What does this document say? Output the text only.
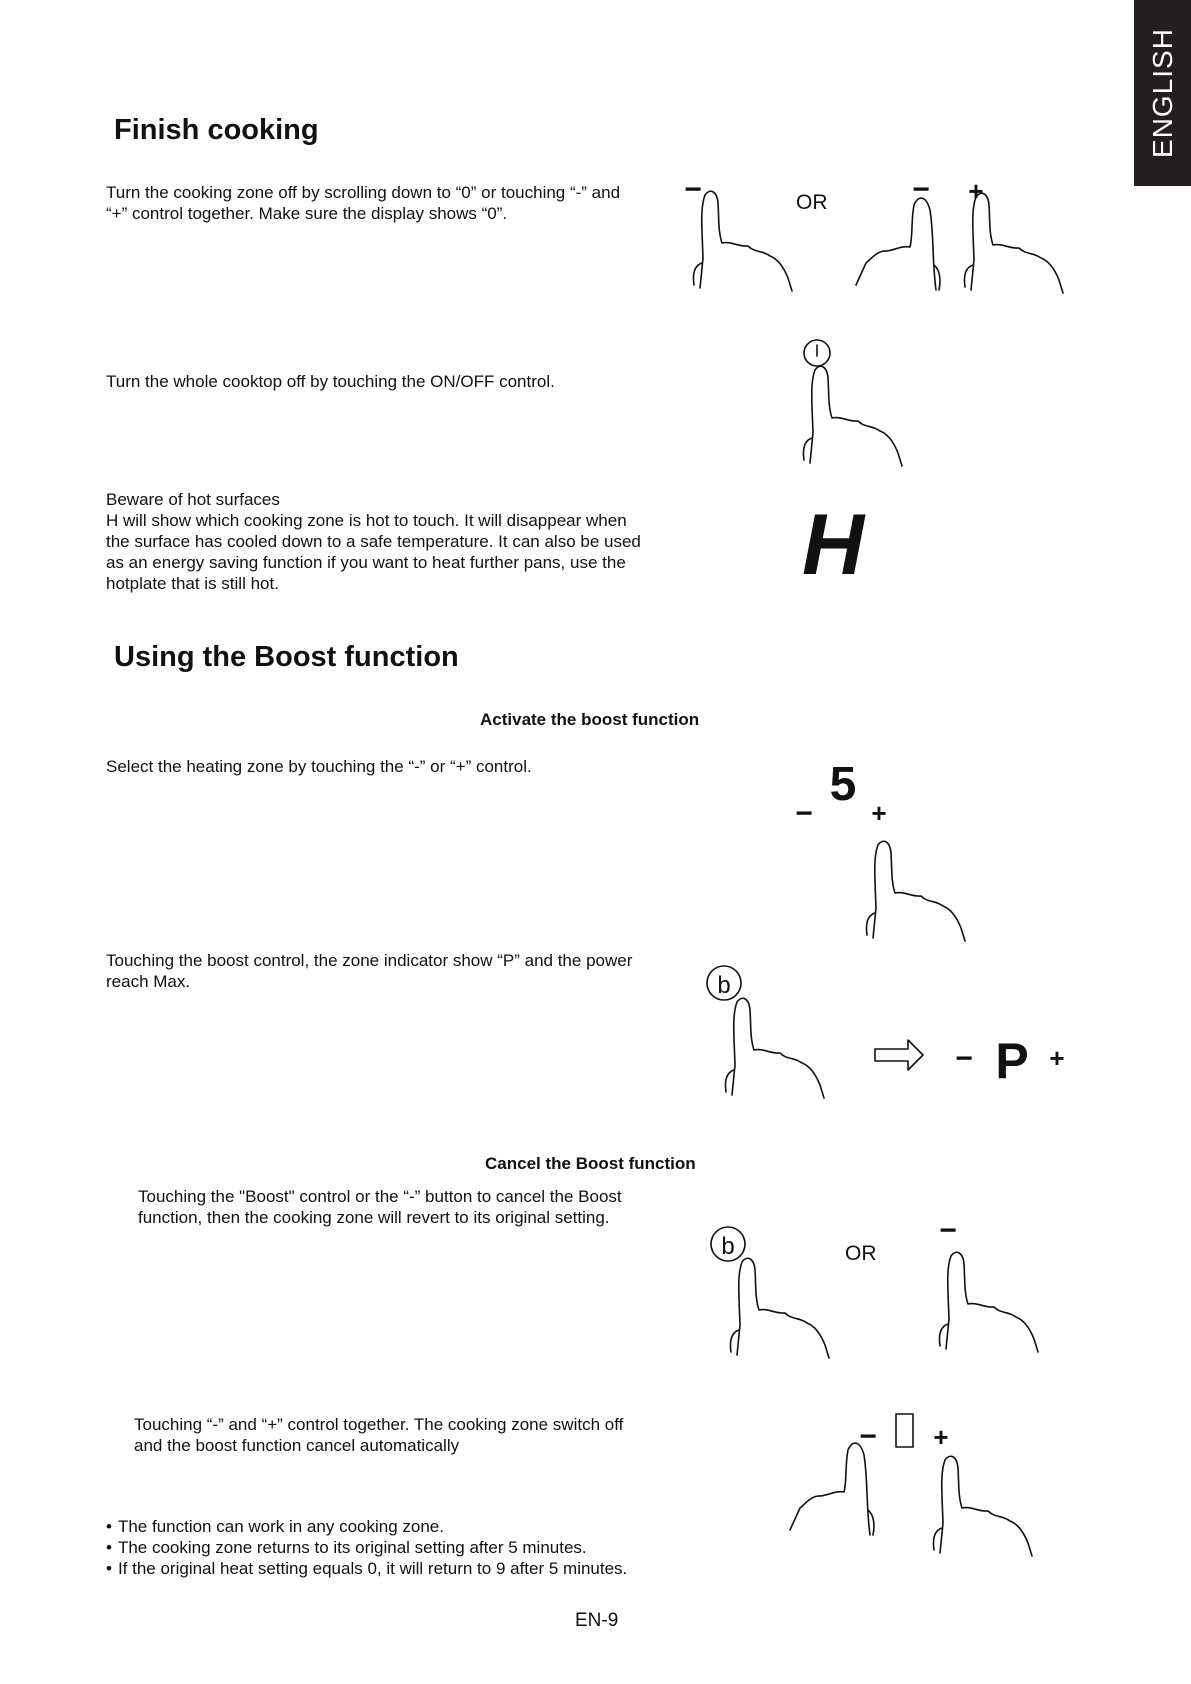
ENGLISH
Finish cooking
Turn the cooking zone off by scrolling down to “0” or touching “-” and
“+” control together. Make sure the display shows “0”.
Turn the whole cooktop off by touching the ON/OFF control.
Beware of hot surfaces
H will show which cooking zone is hot to touch. It will disappear when
the surface has cooled down to a safe temperature. It can also be used
as an energy saving function if you want to heat further pans, use the
hotplate that is still hot.
Using the Boost function
Activate the boost function
Select the heating zone by touching the “-” or “+” control.
Touching the boost control, the zone indicator show “P” and the power
reach Max.
Cancel the Boost function
Touching the "Boost" control or the “-” button to cancel the Boost
function, then the cooking zone will revert to its original setting.
Touching “-” and “+” control together. The cooking zone switch off
and the boost function cancel automatically
• The function can work in any cooking zone.
• The cooking zone returns to its original setting after 5 minutes.
• If the original heat setting equals 0, it will return to 9 after 5 minutes.
EN-9
−	OR	− +
H
−
5
+
b
− P +
b	OR
−
− +
